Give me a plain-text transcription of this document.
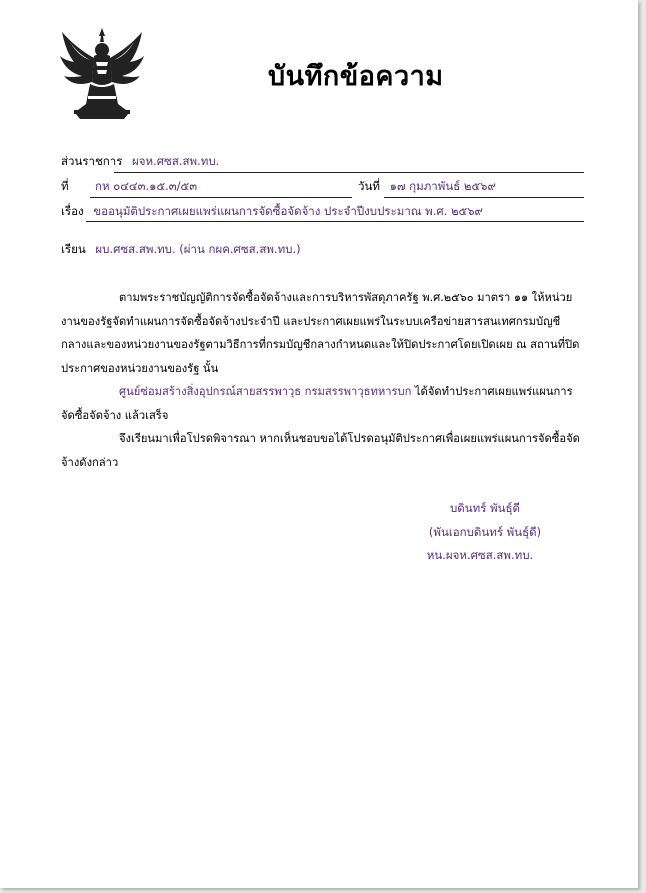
บันทึกข้อความ
ส่วนราชการ ผจห.ศซส.สพ.ทบ.
ที่ กห ๐๔๔๓.๑๕.๓/๕๓	วันที่ ๑๗ กุมภาพันธ์ ๒๕๖๙
เรื่อง ขออนุมัติประกาศเผยแพร่แผนการจัดซื้อจัดจ้าง ประจำปีงบประมาณ พ.ศ. ๒๕๖๙
เรียน ผบ.ศซส.สพ.ทบ. (ผ่าน กผค.ศซส.สพ.ทบ.)

ตามพระราชบัญญัติการจัดซื้อจัดจ้างและการบริหารพัสดุภาครัฐ พ.ศ.๒๕๖๐ มาตรา ๑๑ ให้หน่วยงานของรัฐจัดทำแผนการจัดซื้อจัดจ้างประจำปี และประกาศเผยแพร่ในระบบเครือข่ายสารสนเทศกรมบัญชีกลางและของหน่วยงานของรัฐตามวิธีการที่กรมบัญชีกลางกำหนดและให้ปิดประกาศโดยเปิดเผย ณ สถานที่ปิดประกาศของหน่วยงานของรัฐ นั้น

ศูนย์ซ่อมสร้างสิ่งอุปกรณ์สายสรรพาวุธ กรมสรรพาวุธทหารบก ได้จัดทำประกาศเผยแพร่แผนการจัดซื้อจัดจ้าง แล้วเสร็จ

จึงเรียนมาเพื่อโปรดพิจารณา หากเห็นชอบขอได้โปรดอนุมัติประกาศเพื่อเผยแพร่แผนการจัดซื้อจัดจ้างดังกล่าว

บดินทร์ พันธุ์ดี
(พันเอกบดินทร์ พันธุ์ดี)
หน.ผจห.ศซส.สพ.ทบ.
